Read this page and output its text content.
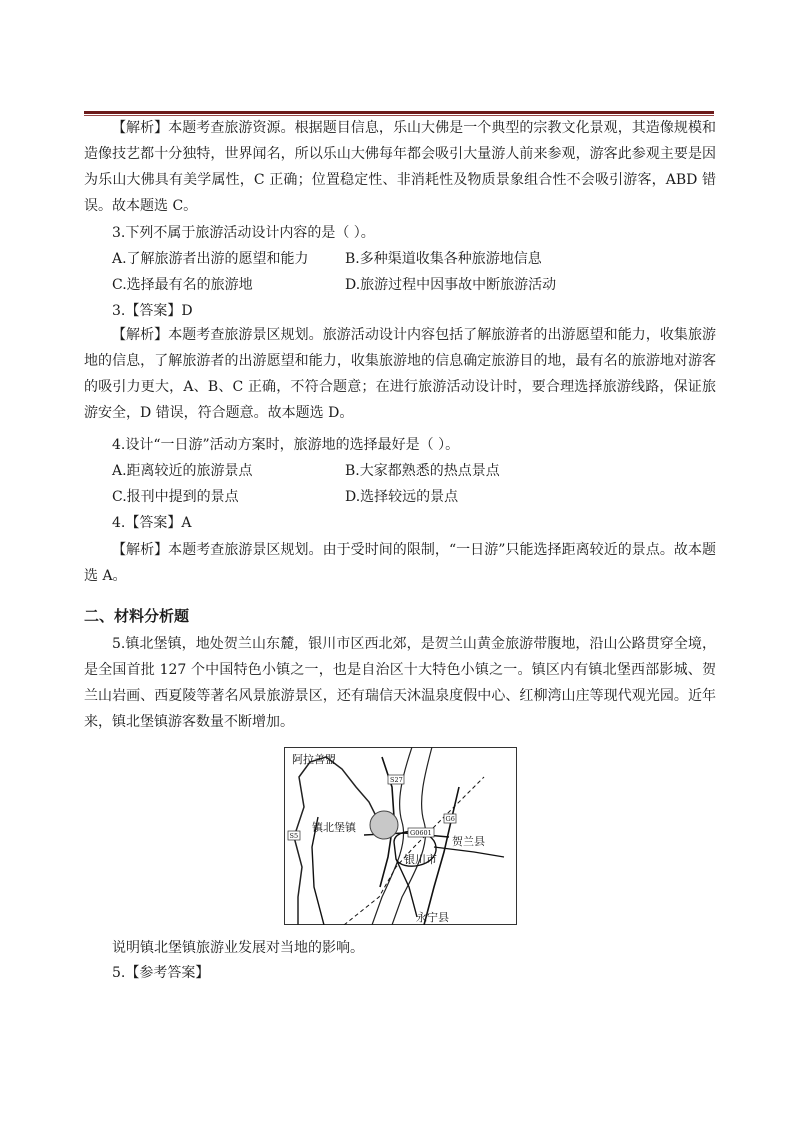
【解析】本题考查旅游资源。根据题目信息，乐山大佛是一个典型的宗教文化景观，其造像规模和造像技艺都十分独特，世界闻名，所以乐山大佛每年都会吸引大量游人前来参观，游客此参观主要是因为乐山大佛具有美学属性，C 正确；位置稳定性、非消耗性及物质景象组合性不会吸引游客，ABD 错误。故本题选 C。
3.下列不属于旅游活动设计内容的是（ ）。
A.了解旅游者出游的愿望和能力	B.多种渠道收集各种旅游地信息
C.选择最有名的旅游地	D.旅游过程中因事故中断旅游活动
3.【答案】D
【解析】本题考查旅游景区规划。旅游活动设计内容包括了解旅游者的出游愿望和能力，收集旅游地的信息，了解旅游者的出游愿望和能力，收集旅游地的信息确定旅游目的地，最有名的旅游地对游客的吸引力更大，A、B、C 正确，不符合题意；在进行旅游活动设计时，要合理选择旅游线路，保证旅游安全，D 错误，符合题意。故本题选 D。
4.设计“一日游”活动方案时，旅游地的选择最好是（ ）。
A.距离较近的旅游景点	B.大家都熟悉的热点景点
C.报刊中提到的景点	D.选择较远的景点
4.【答案】A
【解析】本题考查旅游景区规划。由于受时间的限制，“一日游”只能选择距离较近的景点。故本题选 A。
二、材料分析题
5.镇北堡镇，地处贺兰山东麓，银川市区西北郊，是贺兰山黄金旅游带腹地，沿山公路贯穿全境，是全国首批 127 个中国特色小镇之一，也是自治区十大特色小镇之一。镇区内有镇北堡西部影城、贺兰山岩画、西夏陵等著名风景旅游景区，还有瑞信天沐温泉度假中心、红柳湾山庄等现代观光园。近年来，镇北堡镇游客数量不断增加。
阿拉善盟
镇北堡镇
贺兰县
银川市
永宁县
S27
S5
G6
G0601
说明镇北堡镇旅游业发展对当地的影响。
5.【参考答案】
